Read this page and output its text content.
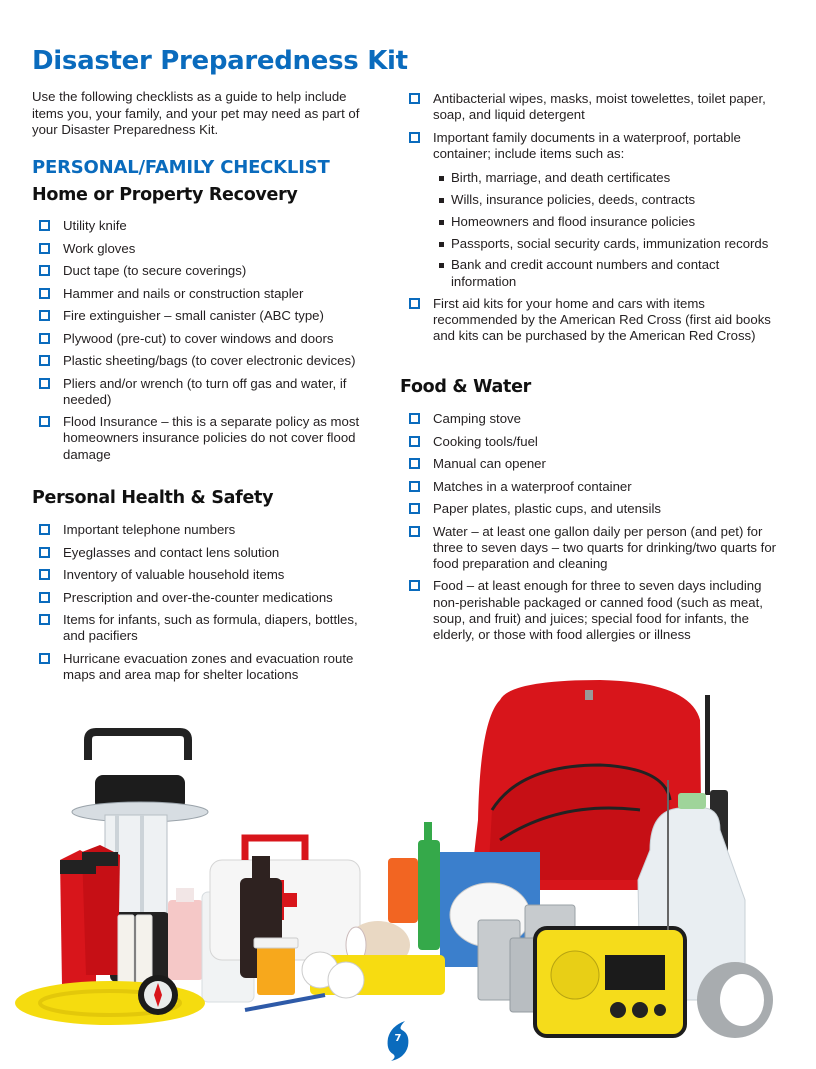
Disaster Preparedness Kit

Use the following checklists as a guide to help include items you, your family, and your pet may need as part of your Disaster Preparedness Kit.

PERSONAL/FAMILY CHECKLIST
Home or Property Recovery
Utility knife
Work gloves
Duct tape (to secure coverings)
Hammer and nails or construction stapler
Fire extinguisher – small canister (ABC type)
Plywood (pre-cut) to cover windows and doors
Plastic sheeting/bags (to cover electronic devices)
Pliers and/or wrench (to turn off gas and water, if needed)
Flood Insurance – this is a separate policy as most homeowners insurance policies do not cover flood damage
Personal Health & Safety
Important telephone numbers
Eyeglasses and contact lens solution
Inventory of valuable household items
Prescription and over-the-counter medications
Items for infants, such as formula, diapers, bottles, and pacifiers
Hurricane evacuation zones and evacuation route maps and area map for shelter locations
Antibacterial wipes, masks, moist towelettes, toilet paper, soap, and liquid detergent
Important family documents in a waterproof, portable container; include items such as:
Birth, marriage, and death certificates
Wills, insurance policies, deeds, contracts
Homeowners and flood insurance policies
Passports, social security cards, immunization records
Bank and credit account numbers and contact information
First aid kits for your home and cars with items recommended by the American Red Cross (first aid books and kits can be purchased by the American Red Cross)
Food & Water
Camping stove
Cooking tools/fuel
Manual can opener
Matches in a waterproof container
Paper plates, plastic cups, and utensils
Water – at least one gallon daily per person (and pet) for three to seven days – two quarts for drinking/two quarts for food preparation and cleaning
Food – at least enough for three to seven days including non-perishable packaged or canned food (such as meat, soup, and fruit) and juices; special food for infants, the elderly, or those with food allergies or illness
7
